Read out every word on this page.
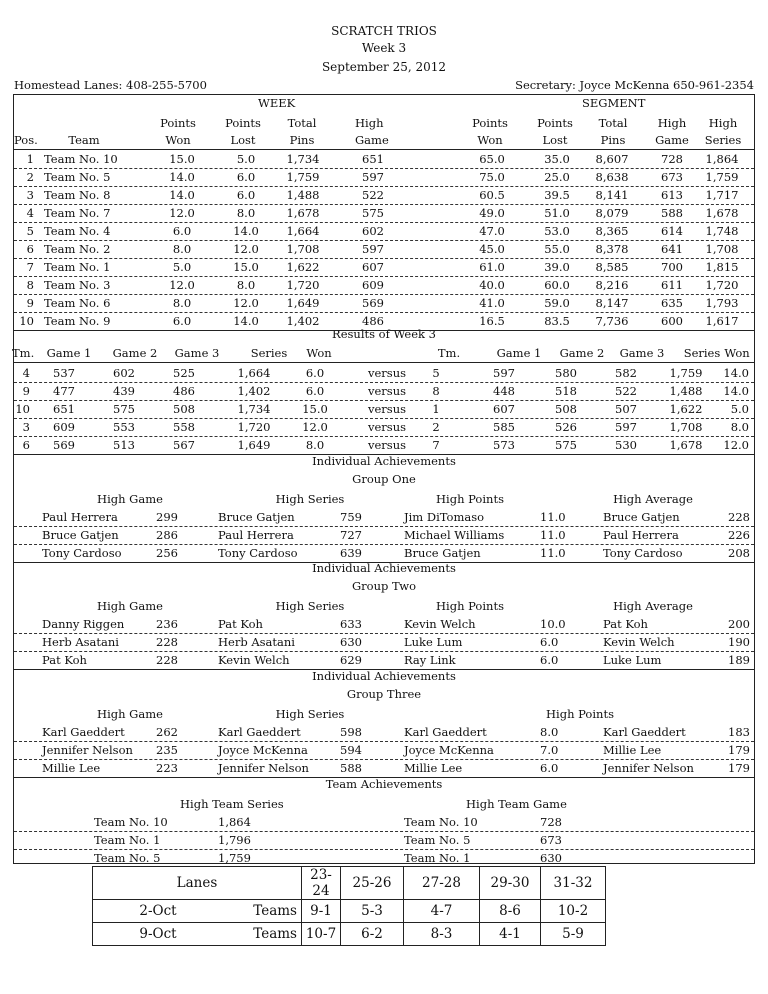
SCRATCH TRIOS
Week 3
September 25, 2012
Homestead Lanes: 408-255-5700	Secretary: Joyce McKenna 650-961-2354
WEEK	SEGMENT
Results of Week 3
Lanes		23-24	25-26	27-28	29-30	31-32
2-Oct	Teams	9-1	5-3	4-7	8-6	10-2
9-Oct	Teams	10-7	6-2	8-3	4-1	5-9
Points	Points	Total	High	Points	Points	Total	High	High
Pos.	Team	Won	Lost	Pins	Game	Won	Lost	Pins	Game	Series
1 Team No. 10	15.0	5.0	1,734	651	65.0	35.0	8,607	728	1,864
2 Team No. 5	14.0	6.0	1,759	597	75.0	25.0	8,638	673	1,759
3 Team No. 8	14.0	6.0	1,488	522	60.5	39.5	8,141	613	1,717
4 Team No. 7	12.0	8.0	1,678	575	49.0	51.0	8,079	588	1,678
5 Team No. 4	6.0	14.0	1,664	602	47.0	53.0	8,365	614	1,748
6 Team No. 2	8.0	12.0	1,708	597	45.0	55.0	8,378	641	1,708
7 Team No. 1	5.0	15.0	1,622	607	61.0	39.0	8,585	700	1,815
8 Team No. 3	12.0	8.0	1,720	609	40.0	60.0	8,216	611	1,720
9 Team No. 6	8.0	12.0	1,649	569	41.0	59.0	8,147	635	1,793
10 Team No. 9	6.0	14.0	1,402	486	16.5	83.5	7,736	600	1,617
Tm.	Game 1	Game 2	Game 3	Series	Won	Tm.	Game 1	Game 2	Game 3	Series Won
4	537	602	525	1,664	6.0	versus	5	597	580	582	1,759	14.0
9	477	439	486	1,402	6.0	versus	8	448	518	522	1,488	14.0
10	651	575	508	1,734	15.0	versus	1	607	508	507	1,622	5.0
3	609	553	558	1,720	12.0	versus	2	585	526	597	1,708	8.0
6	569	513	567	1,649	8.0	versus	7	573	575	530	1,678	12.0
Individual Achievements
Group One
High Game	High Series	High Points	High Average
Paul Herrera	299	Bruce Gatjen	759	Jim DiTomaso	11.0	Bruce Gatjen	228
Bruce Gatjen	286	Paul Herrera	727	Michael Williams	11.0	Paul Herrera	226
Tony Cardoso	256	Tony Cardoso	639	Bruce Gatjen	11.0	Tony Cardoso	208
Individual Achievements
Group Two
High Game	High Series	High Points	High Average
Danny Riggen	236	Pat Koh	633	Kevin Welch	10.0	Pat Koh	200
Herb Asatani	228	Herb Asatani	630	Luke Lum	6.0	Kevin Welch	190
Pat Koh	228	Kevin Welch	629	Ray Link	6.0	Luke Lum	189
Individual Achievements
Group Three
High Game	High Series	High Points
Karl Gaeddert	262	Karl Gaeddert	598	Karl Gaeddert	8.0	Karl Gaeddert	183
Jennifer Nelson 235	Joyce McKenna	594	Joyce McKenna	7.0	Millie Lee	179
Millie Lee	223	Jennifer Nelson	588	Millie Lee	6.0	Jennifer Nelson	179
Team Achievements
High Team Series	High Team Game
Team No. 10	1,864	Team No. 10	728
Team No. 1	1,796	Team No. 5	673
Team No. 5	1,759	Team No. 1	630
